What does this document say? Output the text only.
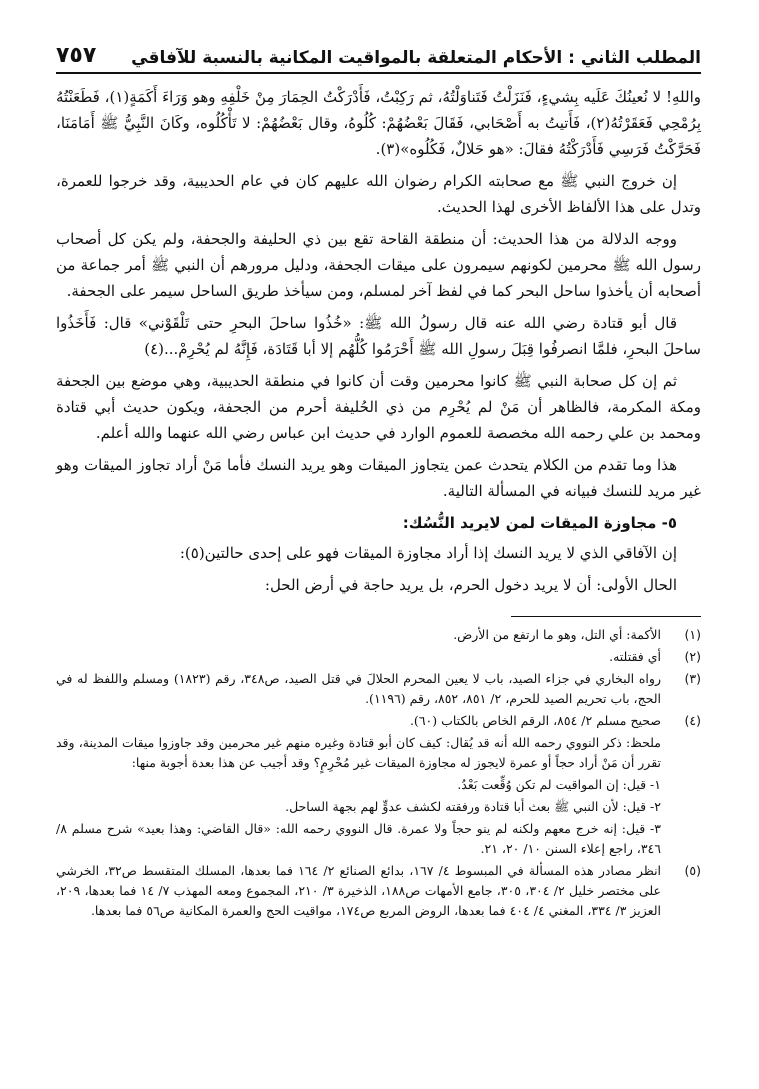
المطلب الثاني : الأحكام المتعلقة بالمواقيت المكانية بالنسبة للآفاقي
٧٥٧

واللهِ! لا نُعينُكَ عَلَيه بِشيءٍ، فَنَزَلْتُ فَتَناوَلْتُهُ، ثم رَكِبْتُ، فَأَدْرَكْتُ الحِمَارَ مِنْ خَلْفِهِ وهو وَرَاءَ أَكَمَةٍ(١)، فَطَعَنْتُهُ بِرُمْحِي فَعَقَرْتُهُ(٢)، فَأَتيتُ به أَصْحَابي، فَقَالَ بَعْضُهُمْ: كُلُوهُ، وقال بَعْضُهُمْ: لا تَأْكُلُوه، وكَانَ النَّبِيُّ ﷺ أَمَامَنَا، فَحَرَّكْتُ فَرَسِي فَأَدْرَكْتُهُ فقالَ: «هو حَلالٌ، فَكُلُوه»(٣).

إن خروج النبي ﷺ مع صحابته الكرام رضوان الله عليهم كان في عام الحديبية، وقد خرجوا للعمرة، وتدل على هذا الألفاظ الأخرى لهذا الحديث.

ووجه الدلالة من هذا الحديث: أن منطقة القاحة تقع بين ذي الحليفة والجحفة، ولم يكن كل أصحاب رسول الله ﷺ محرمين لكونهم سيمرون على ميقات الجحفة، ودليل مرورهم أن النبي ﷺ أمر جماعة من أصحابه أن يأخذوا ساحل البحر كما في لفظ آخر لمسلم، ومن سيأخذ طريق الساحل سيمر على الجحفة.

قال أبو قتادة رضي الله عنه قال رسولُ الله ﷺ: «خُذُوا ساحلَ البحرِ حتى تَلْقَوْني» قال: فَأَخَذُوا ساحلَ البحرِ، فلمَّا انصرفُوا قِبَلَ رسولِ الله ﷺ أَحْرَمُوا كُلُّهُم إلا أبا قَتَادَة، فَإِنَّهُ لم يُحْرِمْ...(٤)

ثم إن كل صحابة النبي ﷺ كانوا محرمين وقت أن كانوا في منطقة الحديبية، وهي موضع بين الجحفة ومكة المكرمة، فالظاهر أن مَنْ لم يُحْرِم من ذي الحُليفة أحرم من الجحفة، ويكون حديث أبي قتادة ومحمد بن علي رحمه الله مخصصة للعموم الوارد في حديث ابن عباس رضي الله عنهما والله أعلم.

هذا وما تقدم من الكلام يتحدث عمن يتجاوز الميقات وهو يريد النسك فأما مَنْ أراد تجاوز الميقات وهو غير مريد للنسك فبيانه في المسألة التالية.

٥- مجاوزة الميقات لمن لايريد النُّسُك:

إن الآفاقي الذي لا يريد النسك إذا أراد مجاوزة الميقات فهو على إحدى حالتين(٥):

الحال الأولى: أن لا يريد دخول الحرم، بل يريد حاجة في أرض الحل:

(١)
الأكمة: أي التل، وهو ما ارتفع من الأرض.
(٢)
أي فقتلته.
(٣)
رواه البخاري في جزاء الصيد، باب لا يعين المحرم الحلالَ في قتل الصيد، ص٣٤٨، رقم (١٨٢٣) ومسلم واللفظ له في الحج، باب تحريم الصيد للحرم، ٢/ ٨٥١، ٨٥٢، رقم (١١٩٦).
(٤)
صحيح مسلم ٢/ ٨٥٤، الرقم الخاص بالكتاب (٦٠).
ملحظ: ذكر النووي رحمه الله أنه قد يُقال: كيف كان أبو قتادة وغيره منهم غير محرمين وقد جاوزوا ميقات المدينة، وقد تقرر أن مَنْ أراد حجاً أو عمرة لايجوز له مجاوزة الميقات غير مُحْرِمٍ؟ وقد أجيب عن هذا بعدة أجوبة منها:
١- قيل: إن المواقيت لم تكن وُقِّعت بَعْدُ.
٢- قيل: لأن النبي ﷺ بعث أبا قتادة ورفقته لكشف عدوٍّ لهم بجهة الساحل.
٣- قيل: إنه خرج معهم ولكنه لم ينو حجاً ولا عمرة. قال النووي رحمه الله: «قال القاضي: وهذا بعيد» شرح مسلم ٨/ ٣٤٦، راجع إعلاء السنن ١٠/ ٢٠، ٢١.
(٥)
انظر مصادر هذه المسألة في المبسوط ٤/ ١٦٧، بدائع الصنائع ٢/ ١٦٤ فما بعدها، المسلك المتقسط ص٣٢، الخرشي على مختصر خليل ٢/ ٣٠٤، ٣٠٥، جامع الأمهات ص١٨٨، الذخيرة ٣/ ٢١٠، المجموع ومعه المهذب ٧/ ١٤ فما بعدها، ٢٠٩، العزيز ٣/ ٣٣٤، المغني ٤/ ٤٠٤ فما بعدها، الروض المربع ص١٧٤، مواقيت الحج والعمرة المكانية ص٥٦ فما بعدها.
